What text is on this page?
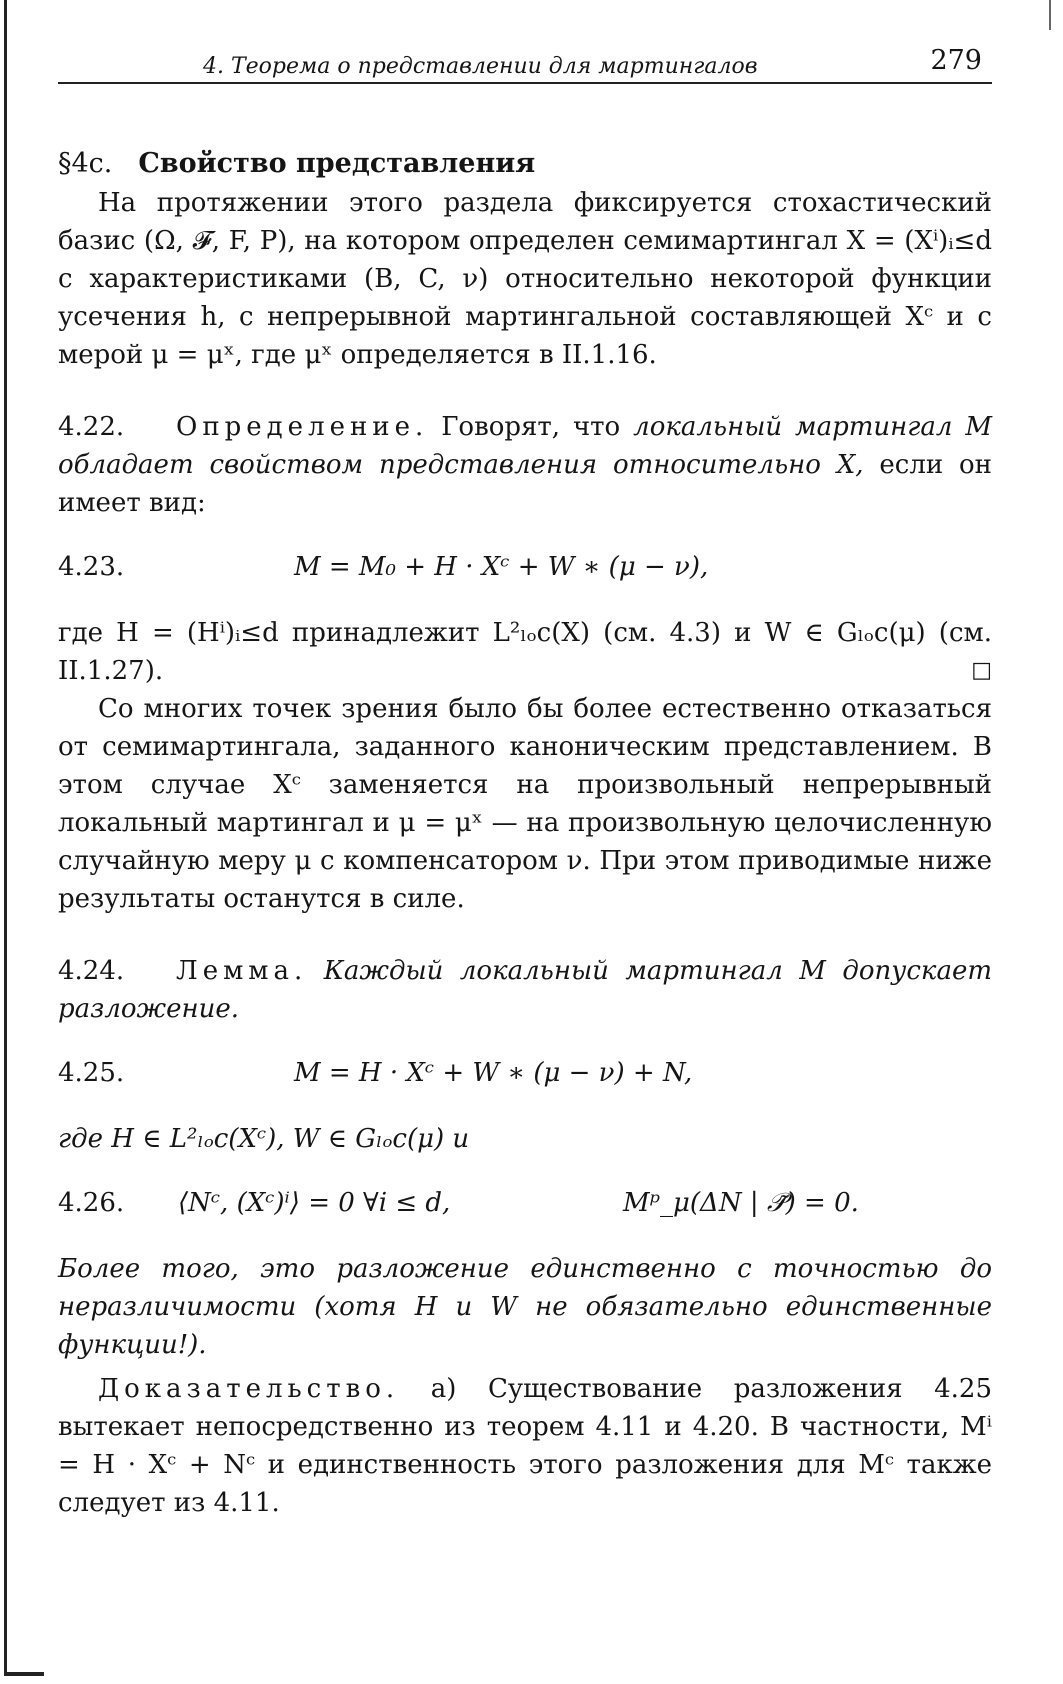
4. Теорема о представлении для мартингалов	279
§4c. Свойство представления

На протяжении этого раздела фиксируется стохастический базис (Ω, 𝓕, F, P), на котором определен семимартингал X = (Xⁱ)ᵢ≤d с характеристиками (B, C, ν) относительно некоторой функции усечения h, с непрерывной мартингальной составляющей Xᶜ и с мерой μ = μˣ, где μˣ определяется в II.1.16.

4.22. Определение. Говорят, что локальный мартингал M обладает свойством представления относительно X, если он имеет вид:

4.23.	M = M₀ + H · Xᶜ + W ∗ (μ − ν),

где H = (Hⁱ)ᵢ≤d принадлежит L²ₗₒc(X) (см. 4.3) и W ∈ Gₗₒc(μ) (см. II.1.27).	□

Со многих точек зрения было бы более естественно отказаться от семимартингала, заданного каноническим представлением. В этом случае Xᶜ заменяется на произвольный непрерывный локальный мартингал и μ = μˣ — на произвольную целочисленную случайную меру μ с компенсатором ν. При этом приводимые ниже результаты останутся в силе.

4.24. Лемма. Каждый локальный мартингал M допускает разложение.

4.25.	M = H · Xᶜ + W ∗ (μ − ν) + N,

где H ∈ L²ₗₒc(Xᶜ), W ∈ Gₗₒc(μ) и

4.26. ⟨Nᶜ, (Xᶜ)ⁱ⟩ = 0 ∀i ≤ d,	Mᵖ_μ(ΔN | 𝒫̃) = 0.

Более того, это разложение единственно с точностью до неразличимости (хотя H и W не обязательно единственные функции!).

Доказательство. а) Существование разложения 4.25 вытекает непосредственно из теорем 4.11 и 4.20. В частности, Mⁱ = H · Xᶜ + Nᶜ и единственность этого разложения для Mᶜ также следует из 4.11.
